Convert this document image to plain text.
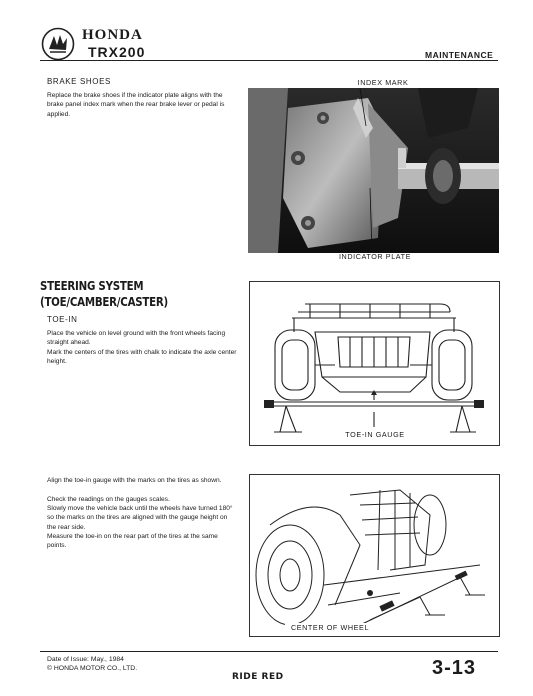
HONDA
TRX200	MAINTENANCE
BRAKE SHOES
Replace the brake shoes if the indicator plate aligns with the brake panel index mark when the rear brake lever or pedal is applied.
INDEX MARK
INDICATOR PLATE
STEERING SYSTEM
(TOE/CAMBER/CASTER)
TOE-IN
Place the vehicle on level ground with the front wheels facing straight ahead.
Mark the centers of the tires with chalk to indicate the axle center height.
TOE-IN GAUGE
Align the toe-in gauge with the marks on the tires as shown.
Check the readings on the gauges scales.
Slowly move the vehicle back until the wheels have turned 180° so the marks on the tires are aligned with the gauge height on the rear side.
Measure the toe-in on the rear part of the tires at the same points.
CENTER OF WHEEL
Date of Issue: May., 1984
© HONDA MOTOR CO., LTD.
RIDE RED	3-13
